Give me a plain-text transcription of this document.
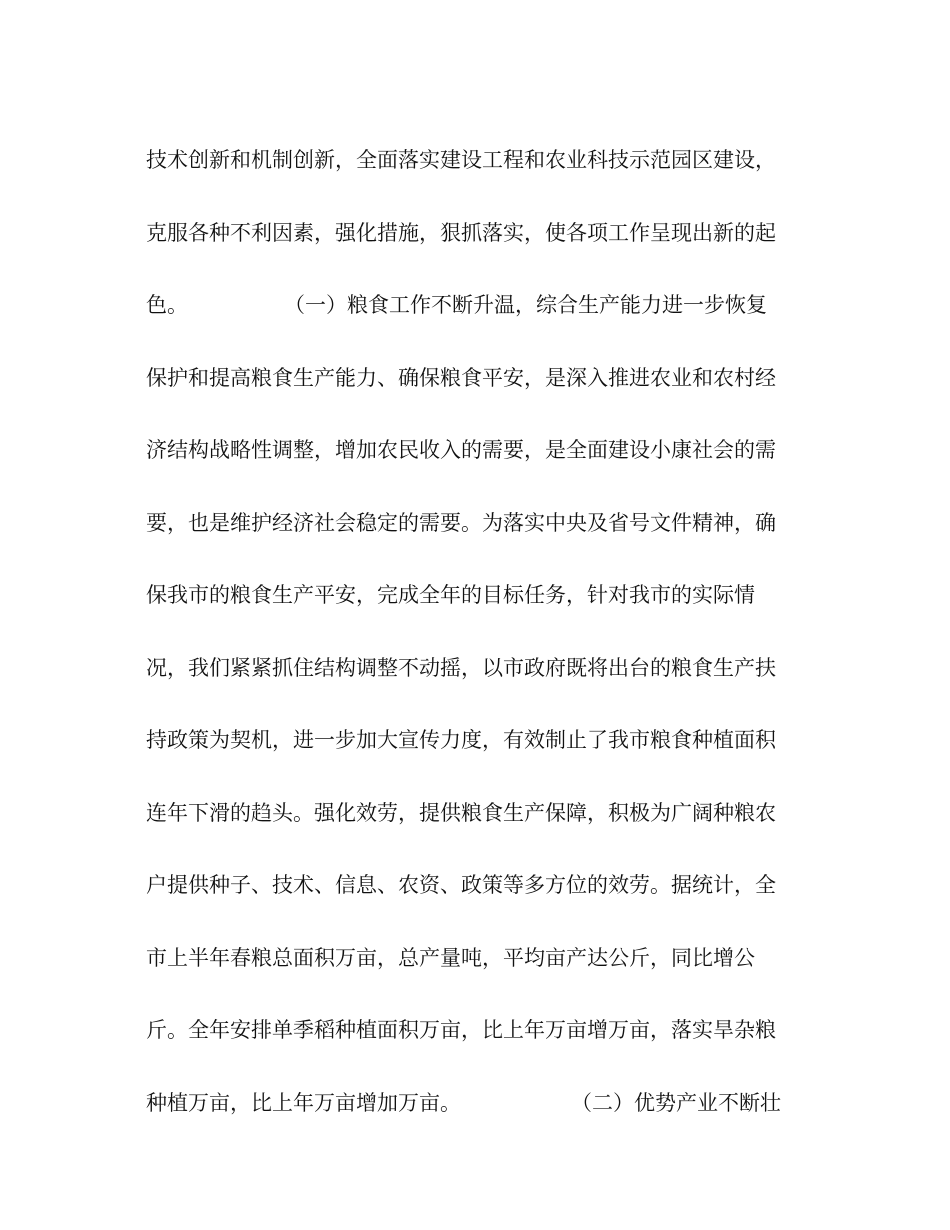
技术创新和机制创新，全面落实建设工程和农业科技示范园区建设，
克服各种不利因素，强化措施，狠抓落实，使各项工作呈现出新的起
色。	（一）粮食工作不断升温，综合生产能力进一步恢复
保护和提高粮食生产能力、确保粮食平安，是深入推进农业和农村经
济结构战略性调整，增加农民收入的需要，是全面建设小康社会的需
要，也是维护经济社会稳定的需要。为落实中央及省号文件精神，确
保我市的粮食生产平安，完成全年的目标任务，针对我市的实际情
况，我们紧紧抓住结构调整不动摇，以市政府既将出台的粮食生产扶
持政策为契机，进一步加大宣传力度，有效制止了我市粮食种植面积
连年下滑的趋头。强化效劳，提供粮食生产保障，积极为广阔种粮农
户提供种子、技术、信息、农资、政策等多方位的效劳。据统计，全
市上半年春粮总面积万亩，总产量吨，平均亩产达公斤，同比增公
斤。全年安排单季稻种植面积万亩，比上年万亩增万亩，落实旱杂粮
种植万亩，比上年万亩增加万亩。	（二）优势产业不断壮
